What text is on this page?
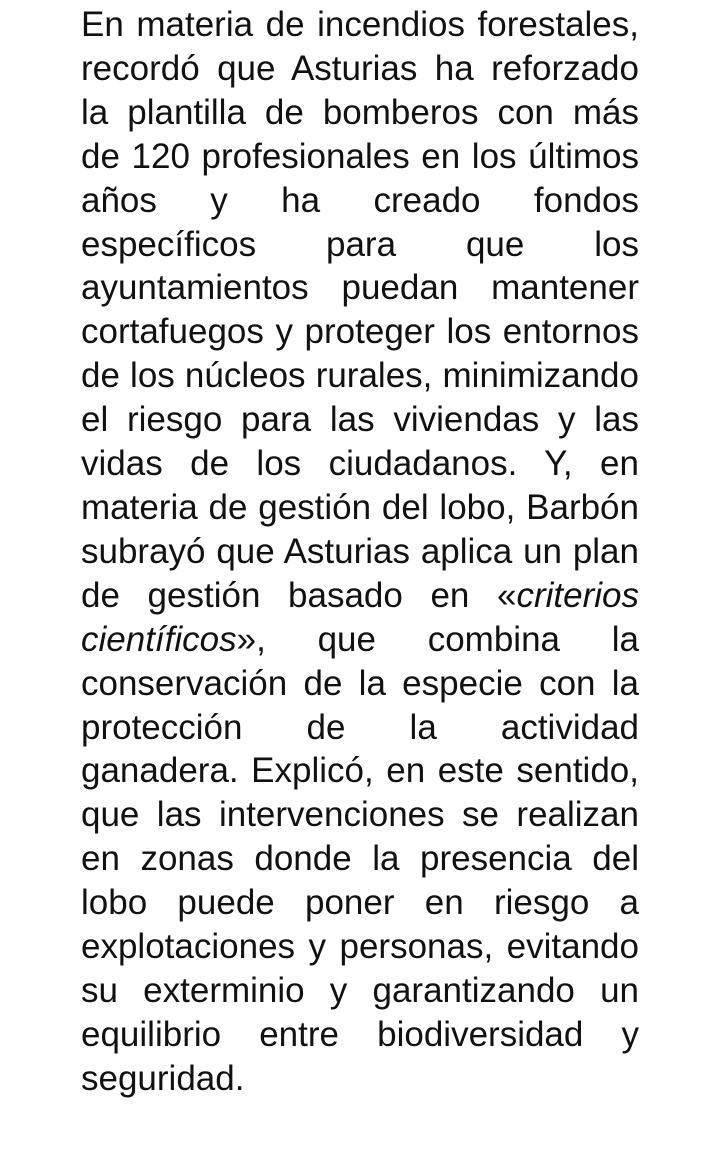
En materia de incendios forestales, recordó que Asturias ha reforzado la plantilla de bomberos con más de 120 profesionales en los últimos años y ha creado fondos específicos para que los ayuntamientos puedan mantener cortafuegos y proteger los entornos de los núcleos rurales, minimizando el riesgo para las viviendas y las vidas de los ciudadanos. Y, en materia de gestión del lobo, Barbón subrayó que Asturias aplica un plan de gestión basado en «criterios científicos», que combina la conservación de la especie con la protección de la actividad ganadera. Explicó, en este sentido, que las intervenciones se realizan en zonas donde la presencia del lobo puede poner en riesgo a explotaciones y personas, evitando su exterminio y garantizando un equilibrio entre biodiversidad y seguridad.
